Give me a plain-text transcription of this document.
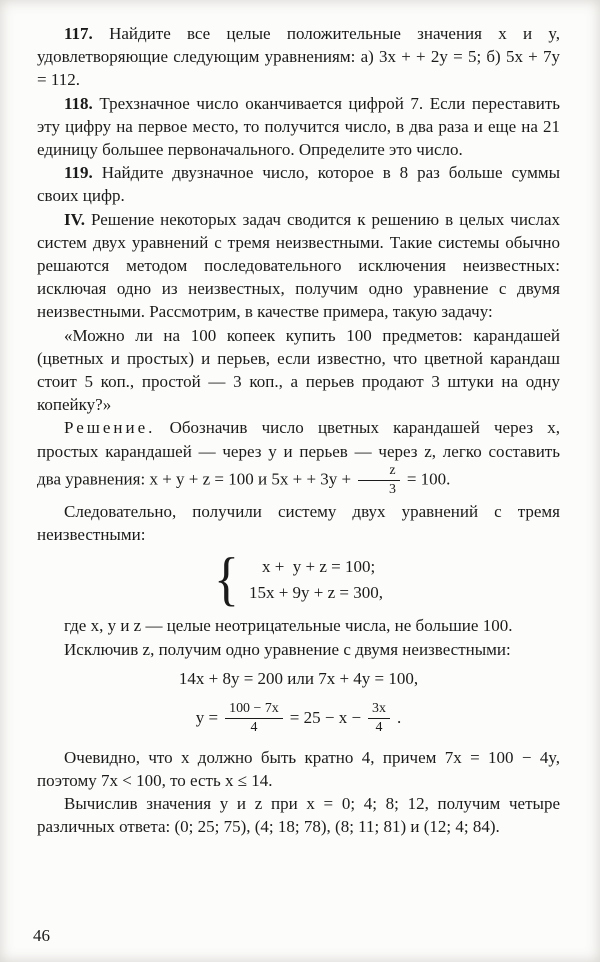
117. Найдите все целые положительные значения x и y, удовлетворяющие следующим уравнениям: а) 3x + + 2y = 5; б) 5x + 7y = 112.

118. Трехзначное число оканчивается цифрой 7. Если переставить эту цифру на первое место, то получится число, в два раза и еще на 21 единицу большее первоначального. Определите это число.

119. Найдите двузначное число, которое в 8 раз больше суммы своих цифр.

IV. Решение некоторых задач сводится к решению в целых числах систем двух уравнений с тремя неизвестными. Такие системы обычно решаются методом последовательного исключения неизвестных: исключая одно из неизвестных, получим одно уравнение с двумя неизвестными. Рассмотрим, в качестве примера, такую задачу:

«Можно ли на 100 копеек купить 100 предметов: карандашей (цветных и простых) и перьев, если известно, что цветной карандаш стоит 5 коп., простой — 3 коп., а перьев продают 3 штуки на одну копейку?»

Решение. Обозначив число цветных карандашей через x, простых карандашей — через y и перьев — через z, легко составить два уравнения: x + y + z = 100 и 5x + + $3y + \frac{z}{3} = 100$.

Следовательно, получили систему двух уравнений с тремя неизвестными:

{	x +  y + z = 100;
15x + 9y + z = 300,

где x, y и z — целые неотрицательные числа, не большие 100.

Исключив z, получим одно уравнение с двумя неизвестными:

14x + 8y = 200 или 7x + 4y = 100,
$y = \frac{100 - 7x}{4} = 25 - x - \frac{3x}{4}$ .

Очевидно, что x должно быть кратно 4, причем 7x = 100 − 4y, поэтому 7x < 100, то есть x ≤ 14.

Вычислив значения y и z при x = 0; 4; 8; 12, получим четыре различных ответа: (0; 25; 75), (4; 18; 78), (8; 11; 81) и (12; 4; 84).

46
